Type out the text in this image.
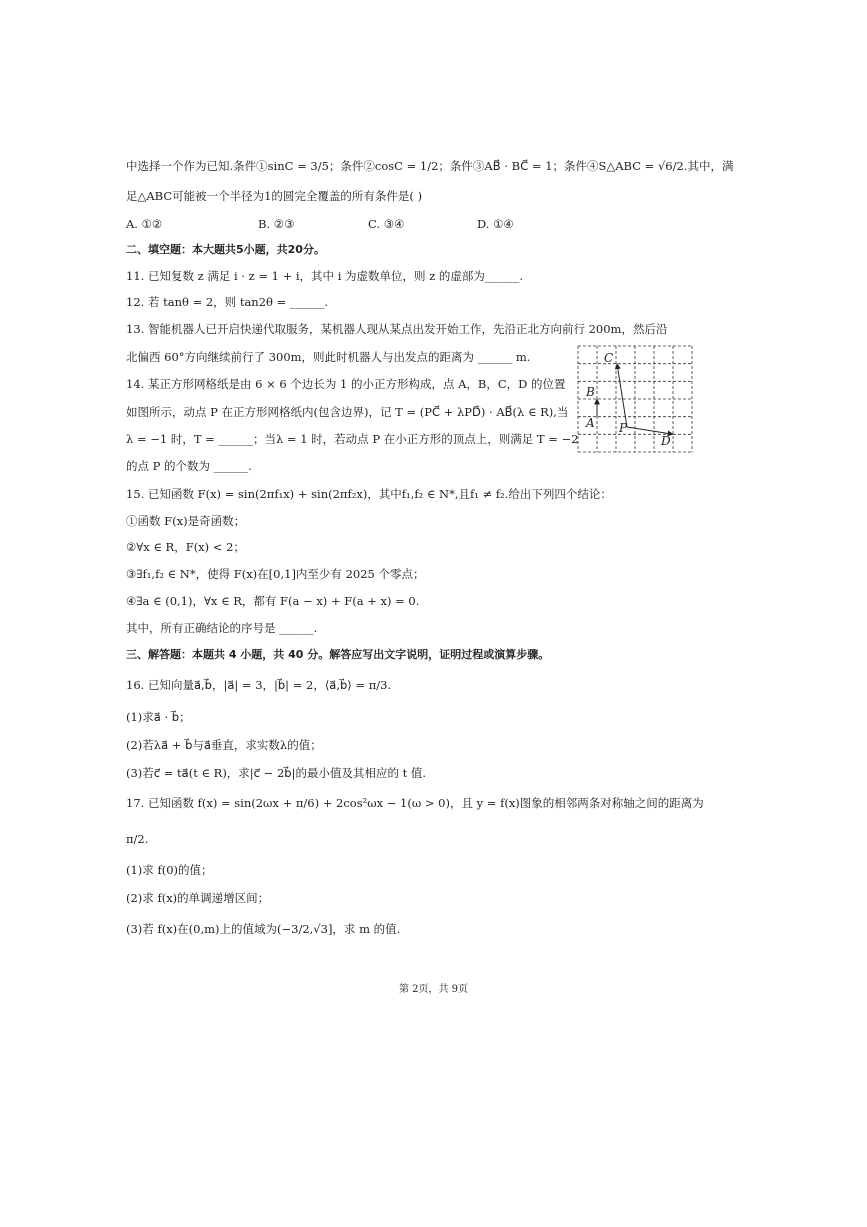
中选择一个作为已知.条件①sinC = 3/5；条件②cosC = 1/2；条件③AB⃗ · BC⃗ = 1；条件④S△ABC = √6/2.其中，满
足△ABC可能被一个半径为1的圆完全覆盖的所有条件是( )
A. ①②	B. ②③	C. ③④	D. ①④
二、填空题：本大题共5小题，共20分。
11. 已知复数 z 满足 i · z = 1 + i，其中 i 为虚数单位，则 z 的虚部为______.
12. 若 tanθ = 2，则 tan2θ = ______.
13. 智能机器人已开启快递代取服务，某机器人现从某点出发开始工作，先沿正北方向前行 200m，然后沿
北偏西 60°方向继续前行了 300m，则此时机器人与出发点的距离为 ______ m.
14. 某正方形网格纸是由 6 × 6 个边长为 1 的小正方形构成，点 A，B，C，D 的位置
如图所示，动点 P 在正方形网格纸内(包含边界)，记 T = (PC⃗ + λPD⃗) · AB⃗(λ ∈ R),当
λ = −1 时，T = ______；当λ = 1 时，若动点 P 在小正方形的顶点上，则满足 T = −2
的点 P 的个数为 ______.
C
B
A P
D
15. 已知函数 F(x) = sin(2πf₁x) + sin(2πf₂x)，其中f₁,f₂ ∈ N*,且f₁ ≠ f₂.给出下列四个结论：
①函数 F(x)是奇函数；
②∀x ∈ R，F(x) < 2；
③∃f₁,f₂ ∈ N*，使得 F(x)在[0,1]内至少有 2025 个零点；
④∃a ∈ (0,1)，∀x ∈ R，都有 F(a − x) + F(a + x) = 0.
其中，所有正确结论的序号是 ______.
三、解答题：本题共 4 小题，共 40 分。解答应写出文字说明，证明过程或演算步骤。
16. 已知向量a⃗,b⃗，|a⃗| = 3，|b⃗| = 2，⟨a⃗,b⃗⟩ = π/3.
(1)求a⃗ · b⃗；
(2)若λa⃗ + b⃗与a⃗垂直，求实数λ的值；
(3)若c⃗ = ta⃗(t ∈ R)，求|c⃗ − 2b⃗|的最小值及其相应的 t 值.
17. 已知函数 f(x) = sin(2ωx + π/6) + 2cos²ωx − 1(ω > 0)，且 y = f(x)图象的相邻两条对称轴之间的距离为
π/2.
(1)求 f(0)的值；
(2)求 f(x)的单调递增区间；
(3)若 f(x)在(0,m)上的值域为(−3/2,√3]，求 m 的值.
第 2页，共 9页
